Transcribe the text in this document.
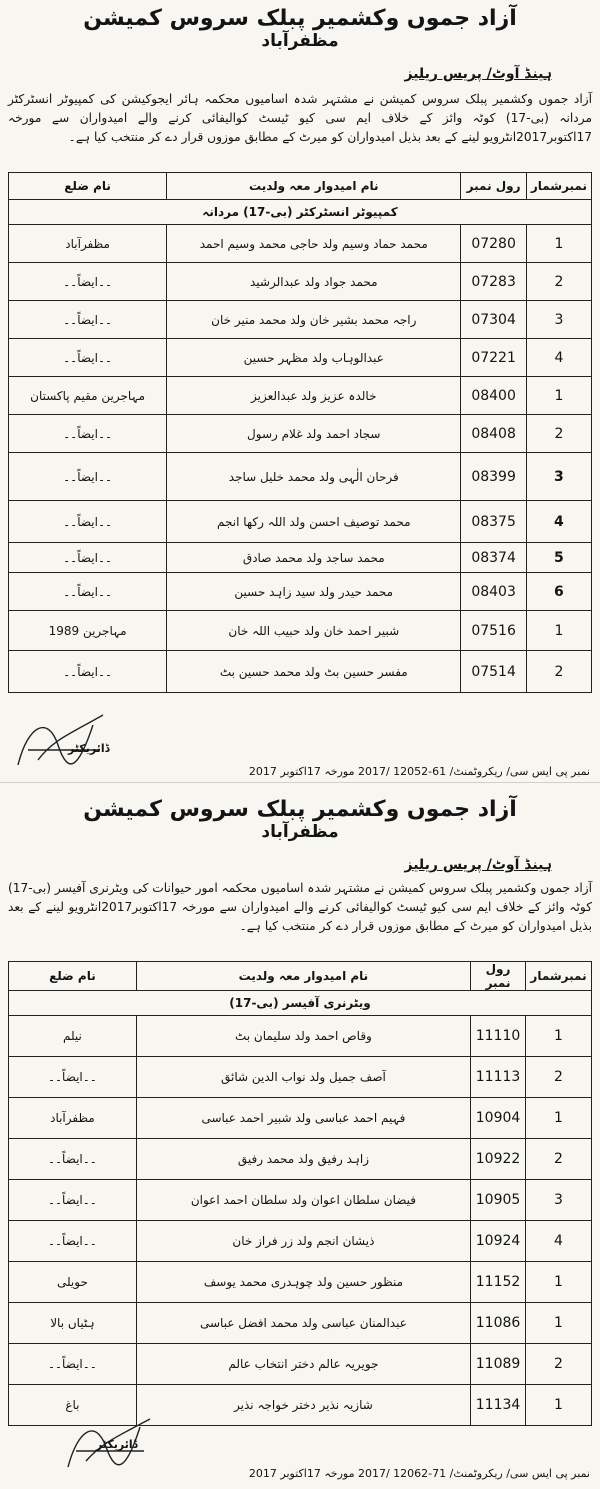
آزاد جموں وکشمیر پبلک سروس کمیشن
مظفرآباد
ہینڈ آوٹ/ پریس ریلیز
آزاد جموں وکشمیر پبلک سروس کمیشن نے مشتہر شدہ اسامیوں محکمہ ہائر ایجوکیشن کی کمپیوٹر انسٹرکٹر مردانہ (بی-17) کوٹہ وائز کے خلاف ایم سی کیو ٹیسٹ کوالیفائی کرنے والے امیدواران سے مورخہ 17اکتوبر2017انٹرویو لینے کے بعد بذیل امیدواران کو میرٹ کے مطابق موزوں قرار دے کر منتخب کیا ہے۔
نمبرشمار	رول نمبر	نام امیدوار معہ ولدیت	نام ضلع
کمپیوٹر انسٹرکٹر (بی-17) مردانہ			
1	07280	محمد حماد وسیم ولد حاجی محمد وسیم احمد	مظفرآباد
2	07283	محمد جواد ولد عبدالرشید	۔۔ایضاً۔۔
3	07304	راجہ محمد بشیر خان ولد محمد منیر خان	۔۔ایضاً۔۔
4	07221	عبدالوہاب ولد مظہر حسین	۔۔ایضاً۔۔
1	08400	خالدہ عزیز ولد عبدالعزیز	مہاجرین مقیم پاکستان
2	08408	سجاد احمد ولد غلام رسول	۔۔ایضاً۔۔
3	08399	فرحان الٰہی ولد محمد خلیل ساجد	۔۔ایضاً۔۔
4	08375	محمد توصیف احسن ولد اللہ رکھا انجم	۔۔ایضاً۔۔
5	08374	محمد ساجد ولد محمد صادق	۔۔ایضاً۔۔
6	08403	محمد حیدر ولد سید زاہد حسین	۔۔ایضاً۔۔
1	07516	شبیر احمد خان ولد حبیب اللہ خان	مہاجرین 1989
2	07514	مفسر حسین بٹ ولد محمد حسین بٹ	۔۔ایضاً۔۔
ڈائریکٹر
نمبر پی ایس سی/ ریکروٹمنٹ/ 61-12052 /2017 مورخہ 17اکتوبر 2017
آزاد جموں وکشمیر پبلک سروس کمیشن
مظفرآباد
ہینڈ آوٹ/ پریس ریلیز
آزاد جموں وکشمیر پبلک سروس کمیشن نے مشتہر شدہ اسامیوں محکمہ امور حیوانات کی ویٹرنری آفیسر (بی-17) کوٹہ وائز کے خلاف ایم سی کیو ٹیسٹ کوالیفائی کرنے والے امیدواران سے مورخہ 17اکتوبر2017انٹرویو لینے کے بعد بذیل امیدواران کو میرٹ کے مطابق موزوں قرار دے کر منتخب کیا ہے۔
نمبرشمار	رول نمبر	نام امیدوار معہ ولدیت	نام ضلع
ویٹرنری آفیسر (بی-17)			
1	11110	وقاص احمد ولد سلیمان بٹ	نیلم
2	11113	آصف جمیل ولد نواب الدین شائق	۔۔ایضاً۔۔
1	10904	فہیم احمد عباسی ولد شبیر احمد عباسی	مظفرآباد
2	10922	زاہد رفیق ولد محمد رفیق	۔۔ایضاً۔۔
3	10905	فیضان سلطان اعوان ولد سلطان احمد اعوان	۔۔ایضاً۔۔
4	10924	ذیشان انجم ولد زر فراز خان	۔۔ایضاً۔۔
1	11152	منظور حسین ولد چوہدری محمد یوسف	حویلی
1	11086	عبدالمنان عباسی ولد محمد افضل عباسی	ہٹیاں بالا
2	11089	جویریہ عالم دختر انتخاب عالم	۔۔ایضاً۔۔
1	11134	شازیہ نذیر دختر خواجہ نذیر	باغ
ڈائریکٹر
نمبر پی ایس سی/ ریکروٹمنٹ/ 71-12062 /2017 مورخہ 17اکتوبر 2017
